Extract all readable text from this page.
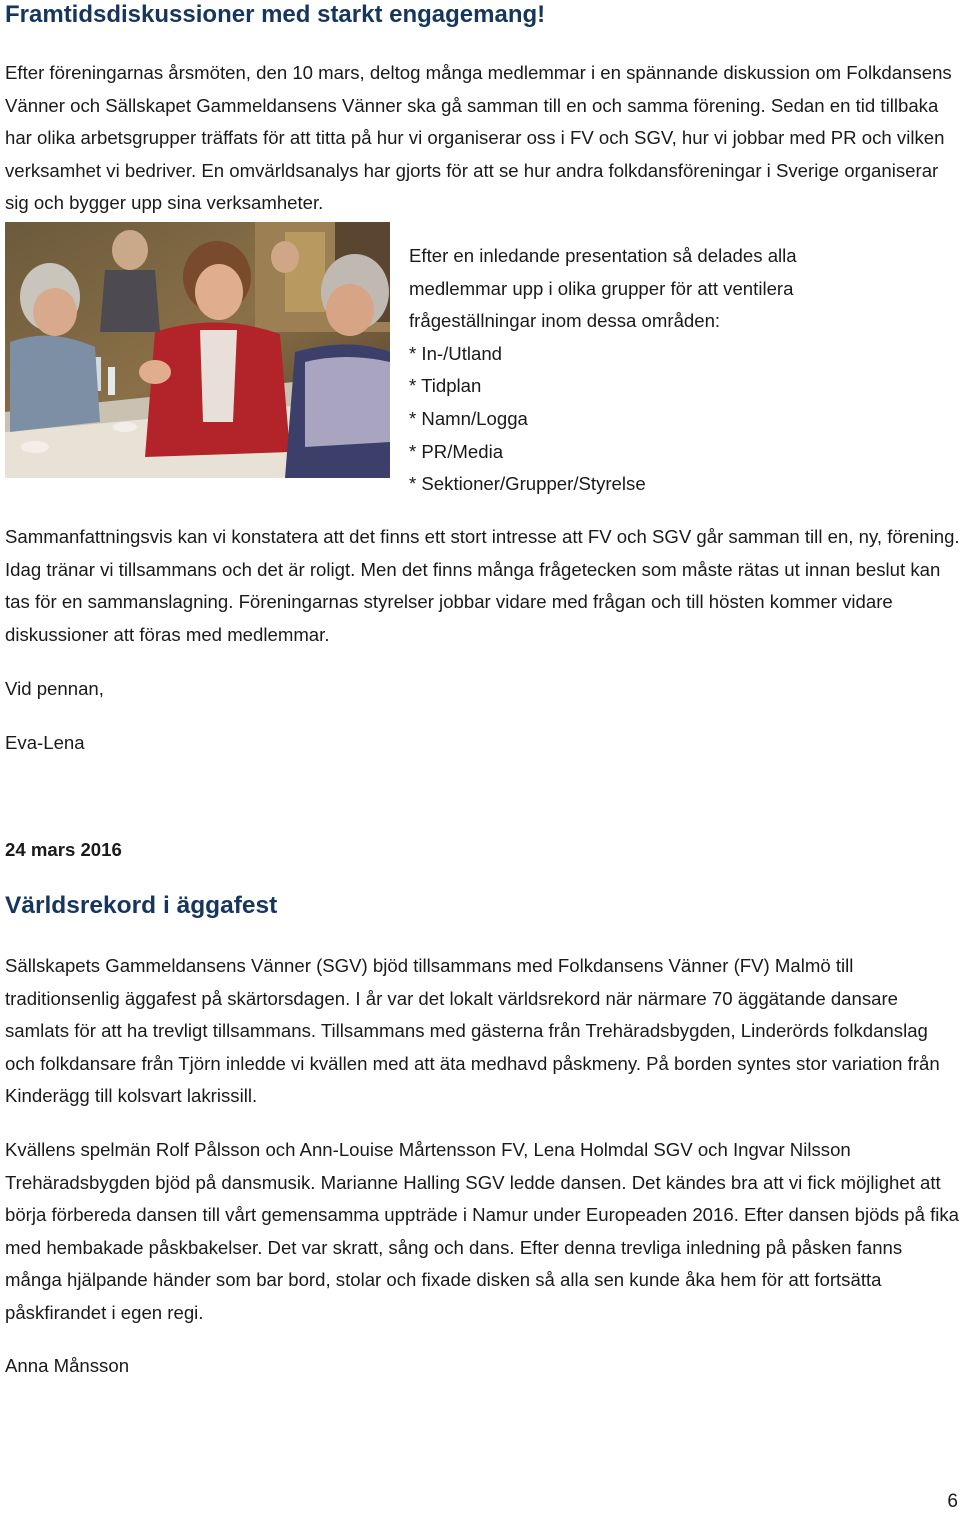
Framtidsdiskussioner med starkt engagemang!

Efter föreningarnas årsmöten, den 10 mars, deltog många medlemmar i en spännande diskussion om Folkdansens Vänner och Sällskapet Gammeldansens Vänner ska gå samman till en och samma förening. Sedan en tid tillbaka har olika arbetsgrupper träffats för att titta på hur vi organiserar oss i FV och SGV, hur vi jobbar med PR och vilken verksamhet vi bedriver. En omvärldsanalys har gjorts för att se hur andra folkdansföreningar i Sverige organiserar sig och bygger upp sina verksamheter.

Efter en inledande presentation så delades alla
medlemmar upp i olika grupper för att ventilera
frågeställningar inom dessa områden:
* In-/Utland
* Tidplan
* Namn/Logga
* PR/Media
* Sektioner/Grupper/Styrelse

Sammanfattningsvis kan vi konstatera att det finns ett stort intresse att FV och SGV går samman till en, ny, förening. Idag tränar vi tillsammans och det är roligt. Men det finns många frågetecken som måste rätas ut innan beslut kan tas för en sammanslagning. Föreningarnas styrelser jobbar vidare med frågan och till hösten kommer vidare diskussioner att föras med medlemmar.

Vid pennan,

Eva-Lena

24 mars 2016

Världsrekord i äggafest

Sällskapets Gammeldansens Vänner (SGV) bjöd tillsammans med Folkdansens Vänner (FV) Malmö till traditionsenlig äggafest på skärtorsdagen. I år var det lokalt världsrekord när närmare 70 äggätande dansare samlats för att ha trevligt tillsammans. Tillsammans med gästerna från Trehäradsbygden, Linderörds folkdanslag och folkdansare från Tjörn inledde vi kvällen med att äta medhavd påskmeny. På borden syntes stor variation från Kinderägg till kolsvart lakrissill.

Kvällens spelmän Rolf Pålsson och Ann-Louise Mårtensson FV, Lena Holmdal SGV och Ingvar Nilsson Trehäradsbygden bjöd på dansmusik. Marianne Halling SGV ledde dansen. Det kändes bra att vi fick möjlighet att börja förbereda dansen till vårt gemensamma uppträde i Namur under Europeaden 2016. Efter dansen bjöds på fika med hembakade påskbakelser. Det var skratt, sång och dans. Efter denna trevliga inledning på påsken fanns många hjälpande händer som bar bord, stolar och fixade disken så alla sen kunde åka hem för att fortsätta påskfirandet i egen regi.

Anna Månsson

6
